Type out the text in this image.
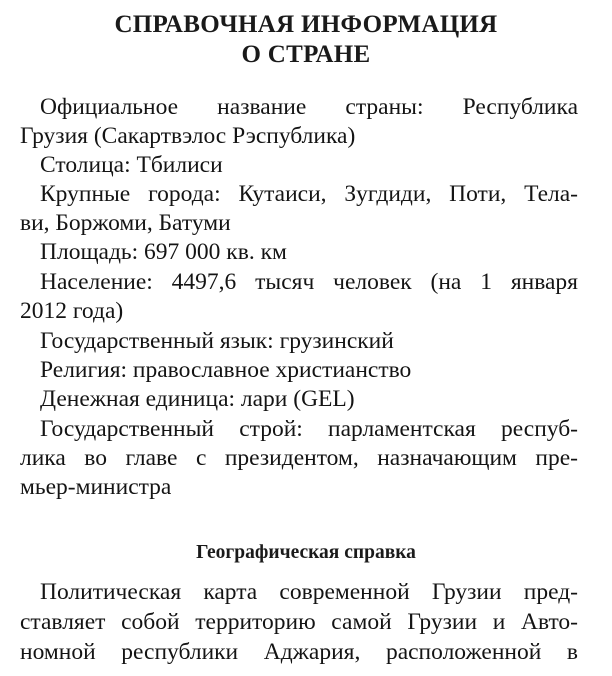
СПРАВОЧНАЯ ИНФОРМАЦИЯ
О СТРАНЕ
Официальное название страны: Республика
Грузия (Сакартвэлос Рэспублика)
Столица: Тбилиси
Крупные города: Кутаиси, Зугдиди, Поти, Тела-
ви, Боржоми, Батуми
Площадь: 697 000 кв. км
Население: 4497,6 тысяч человек (на 1 января
2012 года)
Государственный язык: грузинский
Религия: православное христианство
Денежная единица: лари (GEL)
Государственный строй: парламентская респуб-
лика во главе с президентом, назначающим пре-
мьер-министра
Географическая справка
Политическая карта современной Грузии пред-
ставляет собой территорию самой Грузии и Авто-
номной республики Аджария, расположенной в
